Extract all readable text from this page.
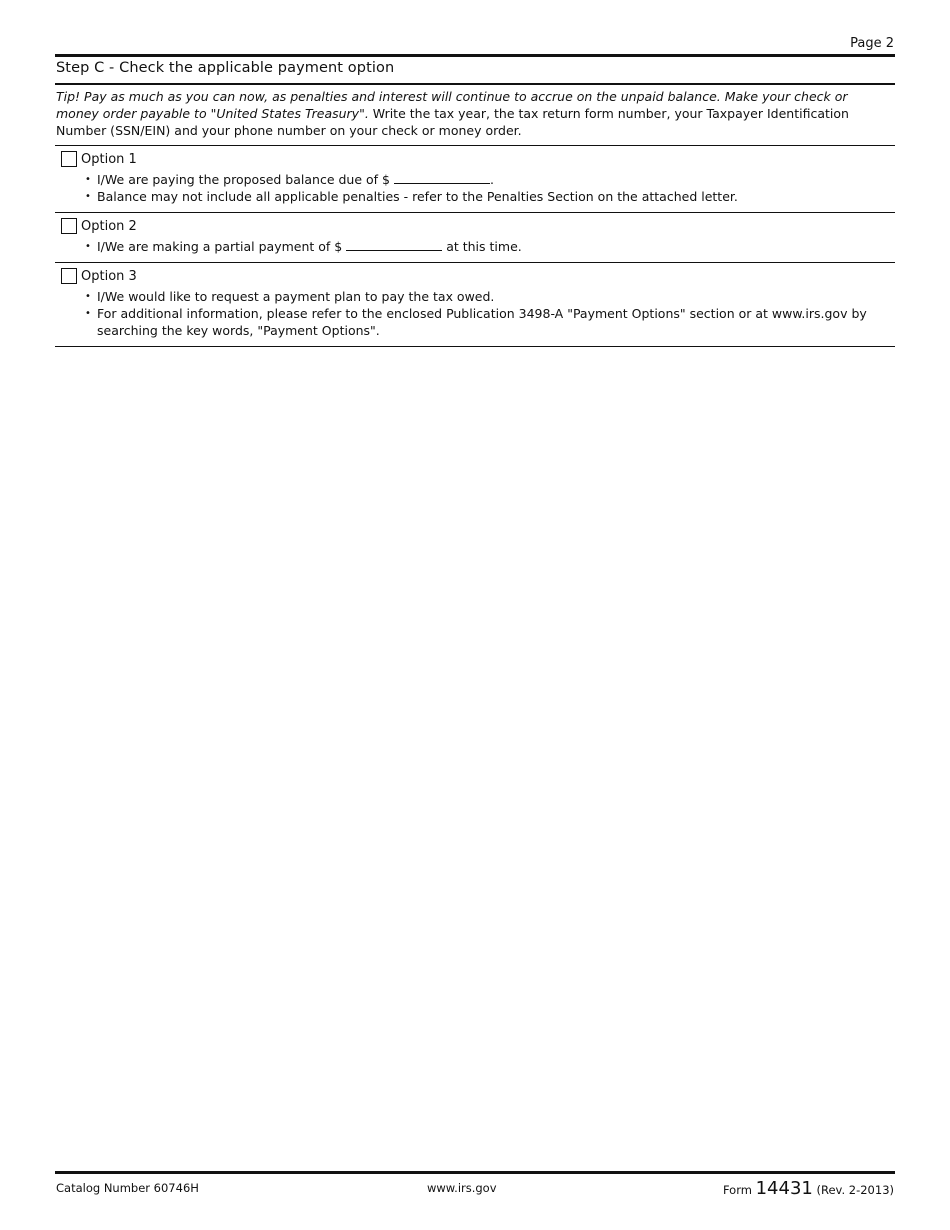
Page 2
Step C - Check the applicable payment option
Tip! Pay as much as you can now, as penalties and interest will continue to accrue on the unpaid balance. Make your check or money order payable to "United States Treasury". Write the tax year, the tax return form number, your Taxpayer Identification Number (SSN/EIN) and your phone number on your check or money order.
Option 1
• I/We are paying the proposed balance due of $	.
• Balance may not include all applicable penalties - refer to the Penalties Section on the attached letter.
Option 2
• I/We are making a partial payment of $	at this time.
Option 3
• I/We would like to request a payment plan to pay the tax owed.
• For additional information, please refer to the enclosed Publication 3498-A "Payment Options" section or at www.irs.gov by searching the key words, "Payment Options".
Catalog Number 60746H	www.irs.gov	Form 14431 (Rev. 2-2013)
